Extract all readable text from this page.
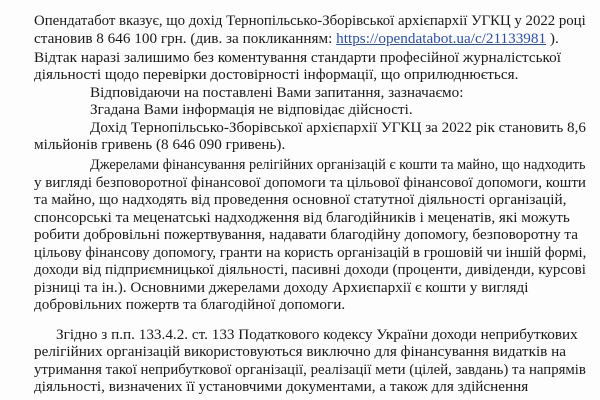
Опендатабот вказує, що дохід Тернопільсько-Зборівської архієпархії УГКЦ у 2022 році
становив 8 646 100 грн. (див. за покликанням: https://opendatabot.ua/c/21133981 ).
Відтак наразі залишимо без коментування стандарти професійної журналістської
діяльності щодо перевірки достовірності інформації, що оприлюднюється.
Відповідаючи на поставлені Вами запитання, зазначаємо:
Згадана Вами інформація не відповідає дійсності.
Дохід Тернопільсько-Зборівської архієпархії УГКЦ за 2022 рік становить 8,6
мільйонів гривень (8 646 090 гривень).
Джерелами фінансування релігійних організацій є кошти та майно, що надходить
у вигляді безповоротної фінансової допомоги та цільової фінансової допомоги, кошти
та майно, що надходять від проведення основної статутної діяльності організацій,
спонсорські та меценатські надходження від благодійників і меценатів, які можуть
робити добровільні пожертвування, надавати благодійну допомогу, безповоротну та
цільову фінансову допомогу, гранти на користь організацій в грошовій чи іншій формі,
доходи від підприємницької діяльності, пасивні доходи (проценти, дивіденди, курсові
різниці та ін.). Основними джерелами доходу Архиєпархії є кошти у вигляді
добровільних пожертв та благодійної допомоги.
Згідно з п.п. 133.4.2. ст. 133 Податкового кодексу України доходи неприбуткових
релігійних організацій використовуються виключно для фінансування видатків на
утримання такої неприбуткової організації, реалізації мети (цілей, завдань) та напрямів
діяльності, визначених її установчими документами, а також для здійснення
